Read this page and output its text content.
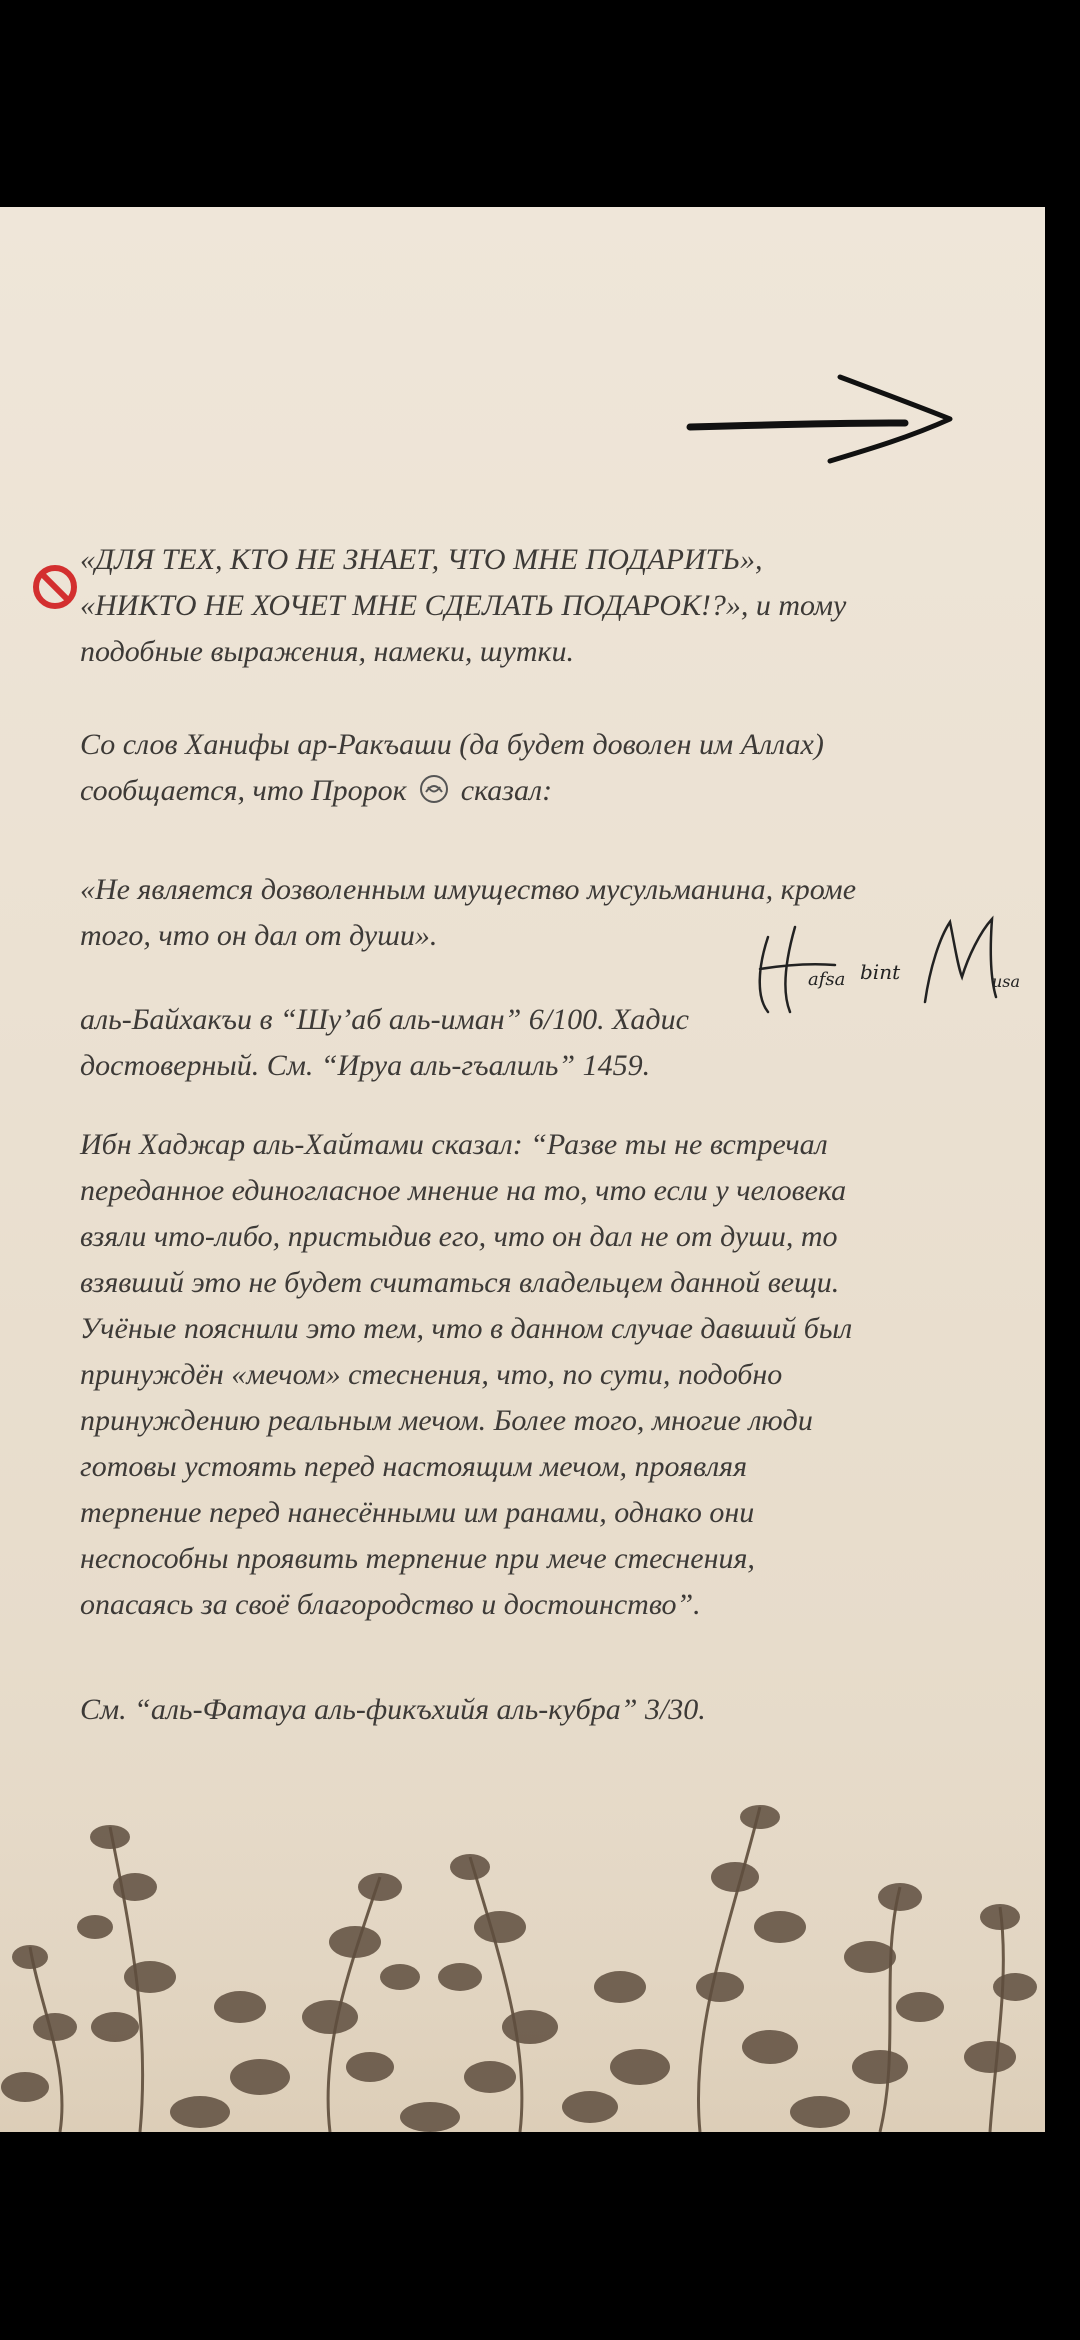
«ДЛЯ ТЕХ, КТО НЕ ЗНАЕТ, ЧТО МНЕ ПОДАРИТЬ»,
«НИКТО НЕ ХОЧЕТ МНЕ СДЕЛАТЬ ПОДАРОК!?», и тому
подобные выражения, намеки, шутки.
Со слов Ханифы ар-Ракъаши (да будет доволен им Аллах)
сообщается, что Пророк сказал:
«Не является дозволенным имущество мусульманина, кроме
того, что он дал от души».
afsa bint	usa
аль-Байхакъи в “Шу’аб аль-иман” 6/100. Хадис
достоверный. См. “Ируа аль-гъалиль” 1459.
Ибн Хаджар аль-Хайтами сказал: “Разве ты не встречал
переданное единогласное мнение на то, что если у человека
взяли что-либо, пристыдив его, что он дал не от души, то
взявший это не будет считаться владельцем данной вещи.
Учёные пояснили это тем, что в данном случае давший был
принуждён «мечом» стеснения, что, по сути, подобно
принуждению реальным мечом. Более того, многие люди
готовы устоять перед настоящим мечом, проявляя
терпение перед нанесёнными им ранами, однако они
неспособны проявить терпение при мече стеснения,
опасаясь за своё благородство и достоинство”.
См. “аль-Фатауа аль-фикъхийя аль-кубра” 3/30.
